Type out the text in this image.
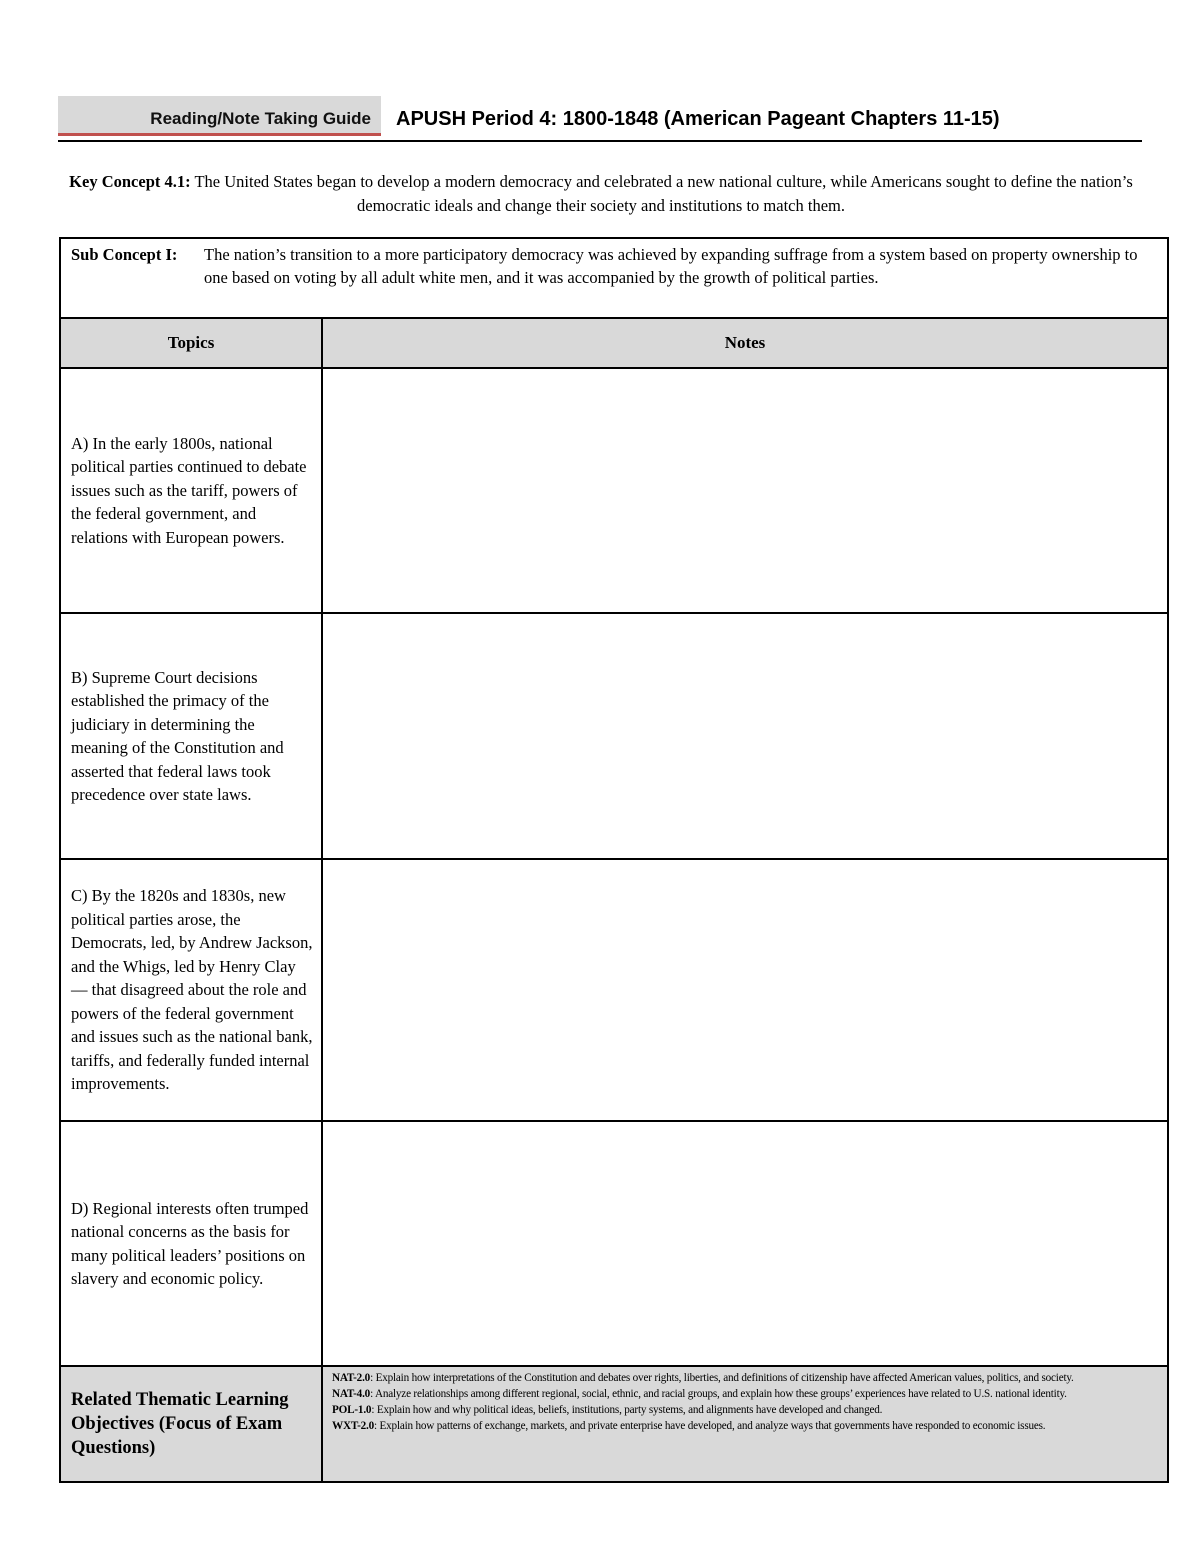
Reading/Note Taking Guide	APUSH Period 4: 1800-1848 (American Pageant Chapters 11-15)
Key Concept 4.1: The United States began to develop a modern democracy and celebrated a new national culture, while Americans sought to define the nation’s democratic ideals and change their society and institutions to match them.
Sub Concept I: The nation’s transition to a more participatory democracy was achieved by expanding suffrage from a system based on property ownership to one based on voting by all adult white men, and it was accompanied by the growth of political parties.	

Topics	Notes
A) In the early 1800s, national political parties continued to debate issues such as the tariff, powers of the federal government, and relations with European powers.	
B) Supreme Court decisions established the primacy of the judiciary in determining the meaning of the Constitution and asserted that federal laws took precedence over state laws.	
C) By the 1820s and 1830s, new political parties arose, the Democrats, led, by Andrew Jackson, and the Whigs, led by Henry Clay — that disagreed about the role and powers of the federal government and issues such as the national bank, tariffs, and federally funded internal improvements.	
D) Regional interests often trumped national concerns as the basis for many political leaders’ positions on slavery and economic policy.	
Related Thematic Learning Objectives (Focus of Exam Questions)	NAT-2.0: Explain how interpretations of the Constitution and debates over rights, liberties, and definitions of citizenship have affected American values, politics, and society.

NAT-4.0: Analyze relationships among different regional, social, ethnic, and racial groups, and explain how these groups’ experiences have related to U.S. national identity.

POL-1.0: Explain how and why political ideas, beliefs, institutions, party systems, and alignments have developed and changed.

WXT-2.0: Explain how patterns of exchange, markets, and private enterprise have developed, and analyze ways that governments have responded to economic issues.
